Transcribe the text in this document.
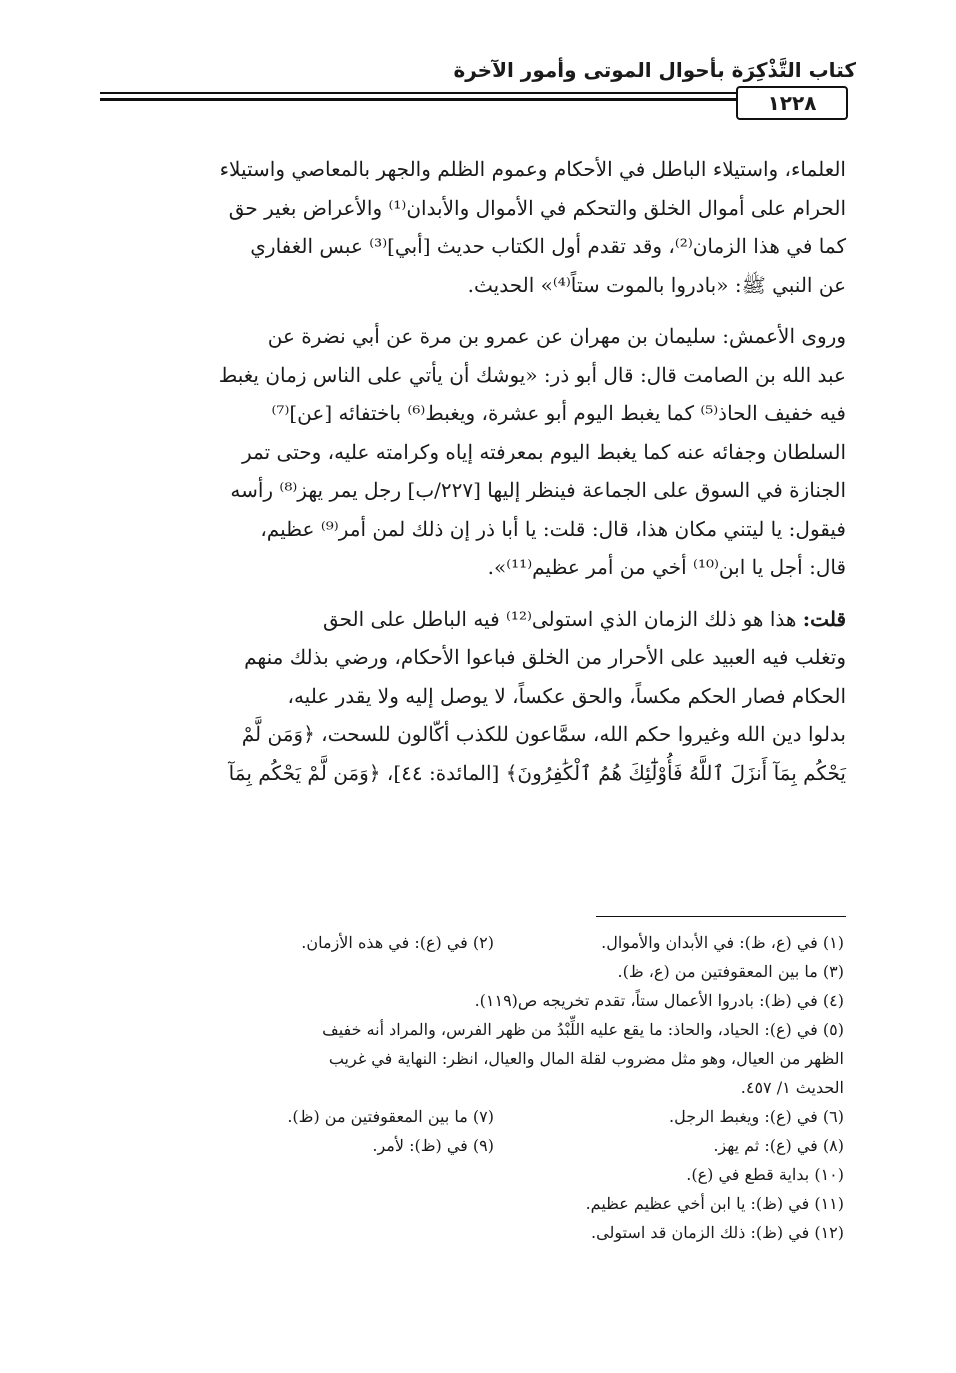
كتاب التَّذْكِرَة بأحوال الموتى وأمور الآخرة
١٢٢٨

العلماء، واستيلاء الباطل في الأحكام وعموم الظلم والجهر بالمعاصي واستيلاء
الحرام على أموال الخلق والتحكم في الأموال والأبدان⁽¹⁾ والأعراض بغير حق
كما في هذا الزمان⁽²⁾، وقد تقدم أول الكتاب حديث [أبي]⁽³⁾ عبس الغفاري
عن النبي ﷺ: «بادروا بالموت ستاً⁽⁴⁾» الحديث.

وروى الأعمش: سليمان بن مهران عن عمرو بن مرة عن أبي نضرة عن
عبد الله بن الصامت قال: قال أبو ذر: «يوشك أن يأتي على الناس زمان يغبط
فيه خفيف الحاذ⁽⁵⁾ كما يغبط اليوم أبو عشرة، ويغبط⁽⁶⁾ باختفائه [عن]⁽⁷⁾
السلطان وجفائه عنه كما يغبط اليوم بمعرفته إياه وكرامته عليه، وحتى تمر
الجنازة في السوق على الجماعة فينظر إليها [٢٢٧/ب] رجل يمر يهز⁽⁸⁾ رأسه
فيقول: يا ليتني مكان هذا، قال: قلت: يا أبا ذر إن ذلك لمن أمر⁽⁹⁾ عظيم،
قال: أجل يا ابن⁽¹⁰⁾ أخي من أمر عظيم⁽¹¹⁾».

قلت: هذا هو ذلك الزمان الذي استولى⁽¹²⁾ فيه الباطل على الحق
وتغلب فيه العبيد على الأحرار من الخلق فباعوا الأحكام، ورضي بذلك منهم
الحكام فصار الحكم مكساً، والحق عكساً، لا يوصل إليه ولا يقدر عليه،
بدلوا دين الله وغيروا حكم الله، سمَّاعون للكذب أكّالون للسحت، ﴿وَمَن لَّمْ
يَحْكُم بِمَآ أَنزَلَ ٱللَّهُ فَأُوْلَٰٓئِكَ هُمُ ٱلْكَٰفِرُونَ﴾ [المائدة: ٤٤]، ﴿وَمَن لَّمْ يَحْكُم بِمَآ

(١) في (ع، ظ): في الأبدان والأموال.
(٢) في (ع): في هذه الأزمان.
(٣) ما بين المعقوفتين من (ع، ظ).
(٤) في (ظ): بادروا الأعمال ستاً، تقدم تخريجه ص(١١٩).
(٥) في (ع): الحياد، والحاذ: ما يقع عليه اللِّبْدُ من ظهر الفرس، والمراد أنه خفيف
الظهر من العيال، وهو مثل مضروب لقلة المال والعيال، انظر: النهاية في غريب
الحديث ١/ ٤٥٧.
(٦) في (ع): ويغبط الرجل.
(٧) ما بين المعقوفتين من (ظ).
(٨) في (ع): ثم يهز.
(٩) في (ظ): لأمر.
(١٠) بداية قطع في (ع).
(١١) في (ظ): يا ابن أخي عظيم عظيم.
(١٢) في (ظ): ذلك الزمان قد استولى.
